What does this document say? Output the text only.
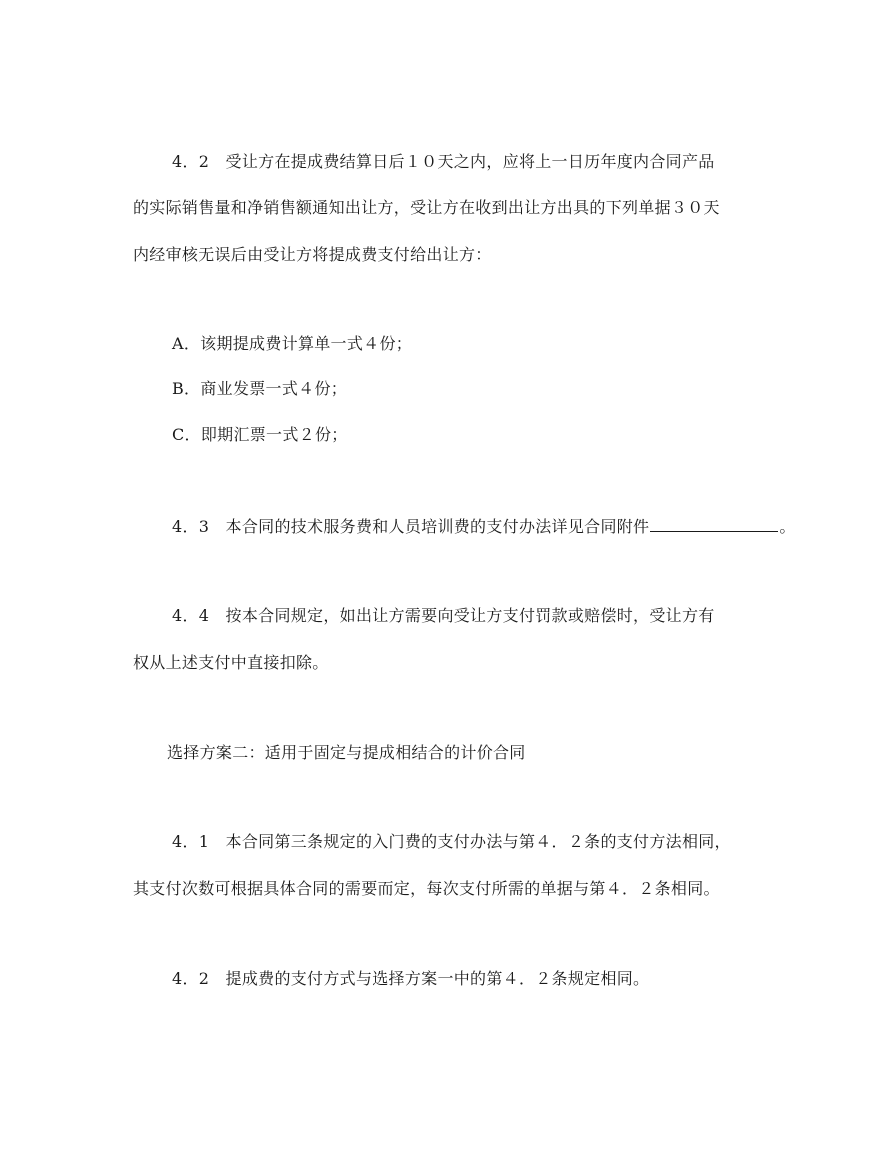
4．2　受让方在提成费结算日后１０天之内，应将上一日历年度内合同产品
的实际销售量和净销售额通知出让方，受让方在收到出让方出具的下列单据３０天
内经审核无误后由受让方将提成费支付给出让方：
A．该期提成费计算单一式４份；
B．商业发票一式４份；
C．即期汇票一式２份；
4．3　本合同的技术服务费和人员培训费的支付办法详见合同附件	。
4．4　按本合同规定，如出让方需要向受让方支付罚款或赔偿时，受让方有
权从上述支付中直接扣除。
选择方案二：适用于固定与提成相结合的计价合同
4．1　本合同第三条规定的入门费的支付办法与第４．２条的支付方法相同，
其支付次数可根据具体合同的需要而定，每次支付所需的单据与第４．２条相同。
4．2　提成费的支付方式与选择方案一中的第４．２条规定相同。
